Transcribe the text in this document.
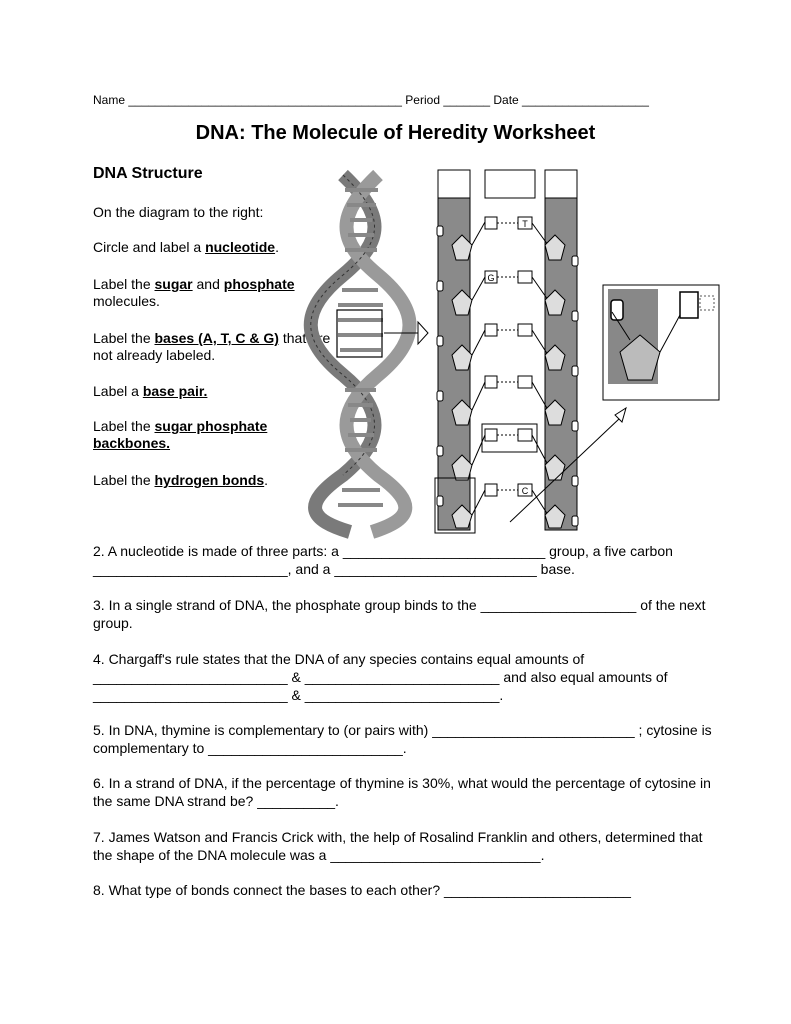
Name _________________________________________ Period _______ Date ___________________
DNA: The Molecule of Heredity Worksheet
DNA Structure
On the diagram to the right:
Circle and label a nucleotide.
Label the sugar and phosphate molecules.
Label the bases (A, T, C & G) that are not already labeled.
Label a base pair.
Label the sugar phosphate backbones.
Label the hydrogen bonds.
T
G
C
2. A nucleotide is made of three parts: a __________________________ group, a five carbon _________________________, and a __________________________ base.
3. In a single strand of DNA, the phosphate group binds to the ____________________ of the next group.
4. Chargaff's rule states that the DNA of any species contains equal amounts of _________________________ & _________________________ and also equal amounts of _________________________ & _________________________.
5. In DNA, thymine is complementary to (or pairs with) __________________________ ; cytosine is complementary to _________________________.
6. In a strand of DNA, if the percentage of thymine is 30%, what would the percentage of cytosine in the same DNA strand be? __________.
7. James Watson and Francis Crick with, the help of Rosalind Franklin and others, determined that the shape of the DNA molecule was a ___________________________.
8. What type of bonds connect the bases to each other? ________________________
